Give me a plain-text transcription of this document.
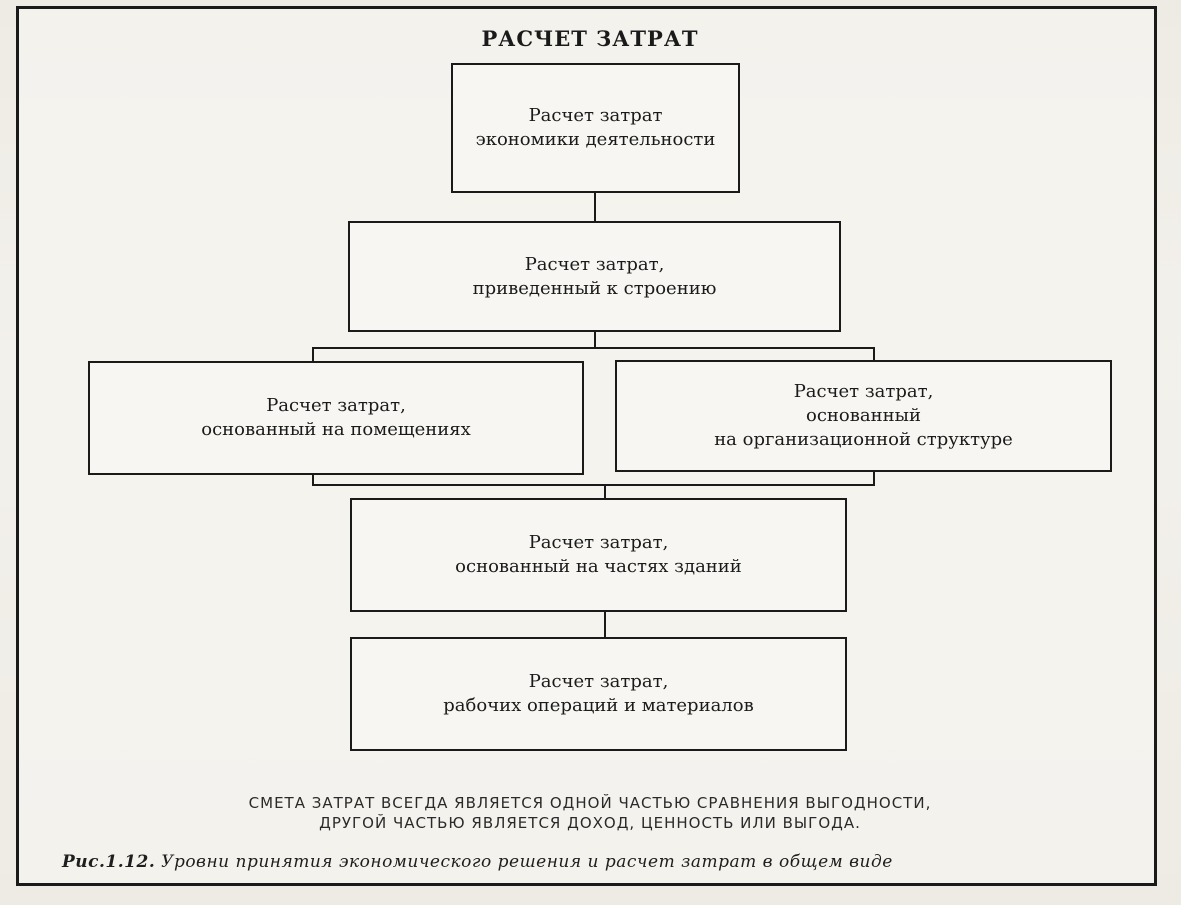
РАСЧЕТ ЗАТРАТ
Расчет затрат
экономики деятельности
Расчет затрат,
приведенный к строению
Расчет затрат,
основанный на помещениях
Расчет затрат,
основанный
на организационной структуре
Расчет затрат,
основанный на частях зданий
Расчет затрат,
рабочих операций и материалов
СМЕТА ЗАТРАТ ВСЕГДА ЯВЛЯЕТСЯ ОДНОЙ ЧАСТЬЮ СРАВНЕНИЯ ВЫГОДНОСТИ,
ДРУГОЙ ЧАСТЬЮ ЯВЛЯЕТСЯ ДОХОД, ЦЕННОСТЬ ИЛИ ВЫГОДА.
Рис.1.12. Уровни принятия экономического решения и расчет затрат в общем виде
